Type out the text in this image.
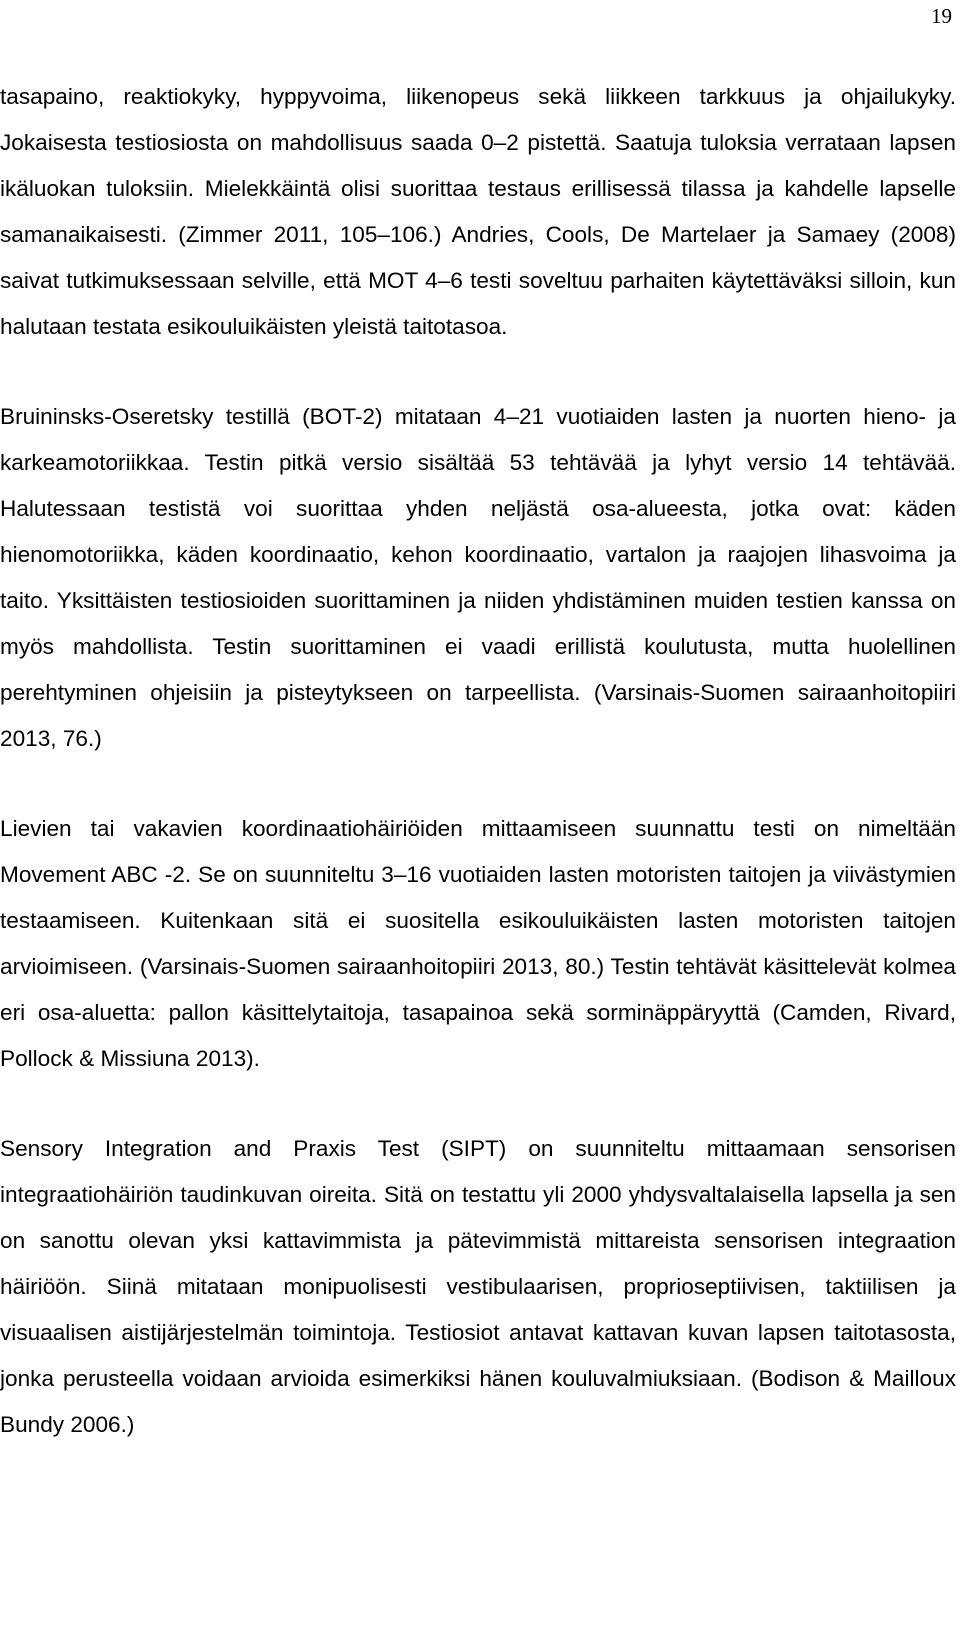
19

tasapaino, reaktiokyky, hyppyvoima, liikenopeus sekä liikkeen tarkkuus ja ohjailukyky. Jokaisesta testiosiosta on mahdollisuus saada 0–2 pistettä. Saatuja tuloksia verrataan lapsen ikäluokan tuloksiin. Mielekkäintä olisi suorittaa testaus erillisessä tilassa ja kahdelle lapselle samanaikaisesti. (Zimmer 2011, 105–106.) Andries, Cools, De Martelaer ja Samaey (2008) saivat tutkimuksessaan selville, että MOT 4–6 testi soveltuu parhaiten käytettäväksi silloin, kun halutaan testata esikouluikäisten yleistä taitotasoa.

Bruininsks-Oseretsky testillä (BOT-2) mitataan 4–21 vuotiaiden lasten ja nuorten hieno- ja karkeamotoriikkaa. Testin pitkä versio sisältää 53 tehtävää ja lyhyt versio 14 tehtävää. Halutessaan testistä voi suorittaa yhden neljästä osa-alueesta, jotka ovat: käden hienomotoriikka, käden koordinaatio, kehon koordinaatio, vartalon ja raajojen lihasvoima ja taito. Yksittäisten testiosioiden suorittaminen ja niiden yhdistäminen muiden testien kanssa on myös mahdollista. Testin suorittaminen ei vaadi erillistä koulutusta, mutta huolellinen perehtyminen ohjeisiin ja pisteytykseen on tarpeellista. (Varsinais-Suomen sairaanhoitopiiri 2013, 76.)

Lievien tai vakavien koordinaatiohäiriöiden mittaamiseen suunnattu testi on nimeltään Movement ABC -2. Se on suunniteltu 3–16 vuotiaiden lasten motoristen taitojen ja viivästymien testaamiseen. Kuitenkaan sitä ei suositella esikouluikäisten lasten motoristen taitojen arvioimiseen. (Varsinais-Suomen sairaanhoitopiiri 2013, 80.) Testin tehtävät käsittelevät kolmea eri osa-aluetta: pallon käsittelytaitoja, tasapainoa sekä sorminäppäryyttä (Camden, Rivard, Pollock & Missiuna 2013).

Sensory Integration and Praxis Test (SIPT) on suunniteltu mittaamaan sensorisen integraatiohäiriön taudinkuvan oireita. Sitä on testattu yli 2000 yhdysvaltalaisella lapsella ja sen on sanottu olevan yksi kattavimmista ja pätevimmistä mittareista sensorisen integraation häiriöön. Siinä mitataan monipuolisesti vestibulaarisen, proprioseptiivisen, taktiilisen ja visuaalisen aistijärjestelmän toimintoja. Testiosiot antavat kattavan kuvan lapsen taitotasosta, jonka perusteella voidaan arvioida esimerkiksi hänen kouluvalmiuksiaan. (Bodison & Mailloux Bundy 2006.)
